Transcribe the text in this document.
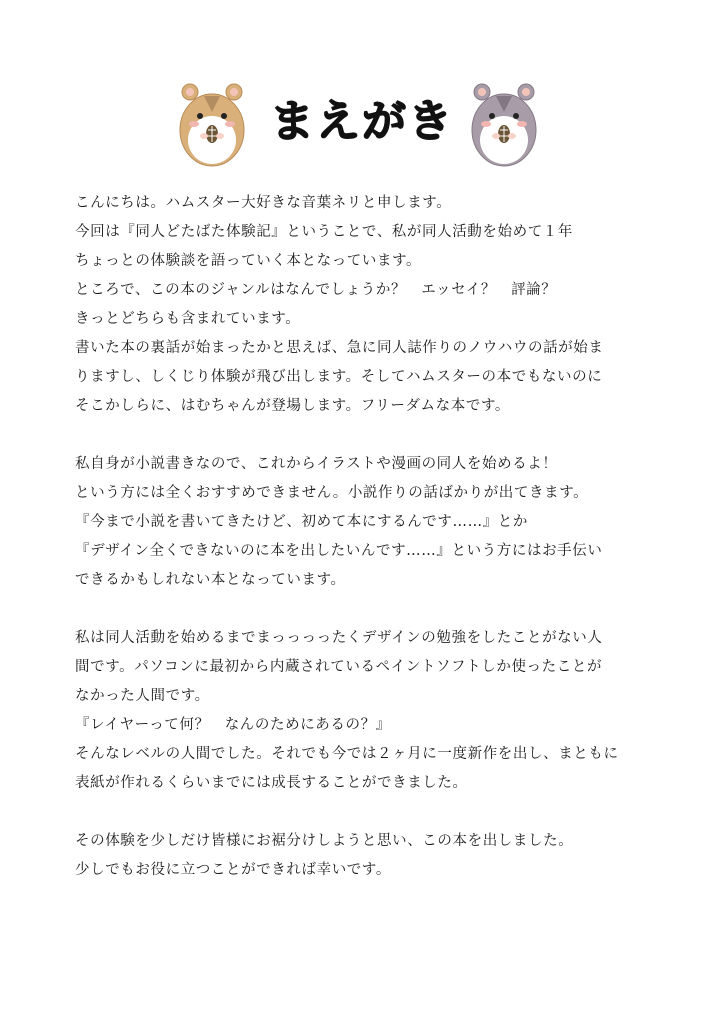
まえがき
こんにちは。ハムスター大好きな音葉ネリと申します。
今回は『同人どたばた体験記』ということで、私が同人活動を始めて１年
ちょっとの体験談を語っていく本となっています。
ところで、この本のジャンルはなんでしょうか？　エッセイ？　評論？
きっとどちらも含まれています。
書いた本の裏話が始まったかと思えば、急に同人誌作りのノウハウの話が始ま
りますし、しくじり体験が飛び出します。そしてハムスターの本でもないのに
そこかしらに、はむちゃんが登場します。フリーダムな本です。
私自身が小説書きなので、これからイラストや漫画の同人を始めるよ！
という方には全くおすすめできません。小説作りの話ばかりが出てきます。
『今まで小説を書いてきたけど、初めて本にするんです……』とか
『デザイン全くできないのに本を出したいんです……』という方にはお手伝い
できるかもしれない本となっています。
私は同人活動を始めるまでまっっっったくデザインの勉強をしたことがない人
間です。パソコンに最初から内蔵されているペイントソフトしか使ったことが
なかった人間です。
『レイヤーって何？　なんのためにあるの？』
そんなレベルの人間でした。それでも今では２ヶ月に一度新作を出し、まともに
表紙が作れるくらいまでには成長することができました。
その体験を少しだけ皆様にお裾分けしようと思い、この本を出しました。
少しでもお役に立つことができれば幸いです。
